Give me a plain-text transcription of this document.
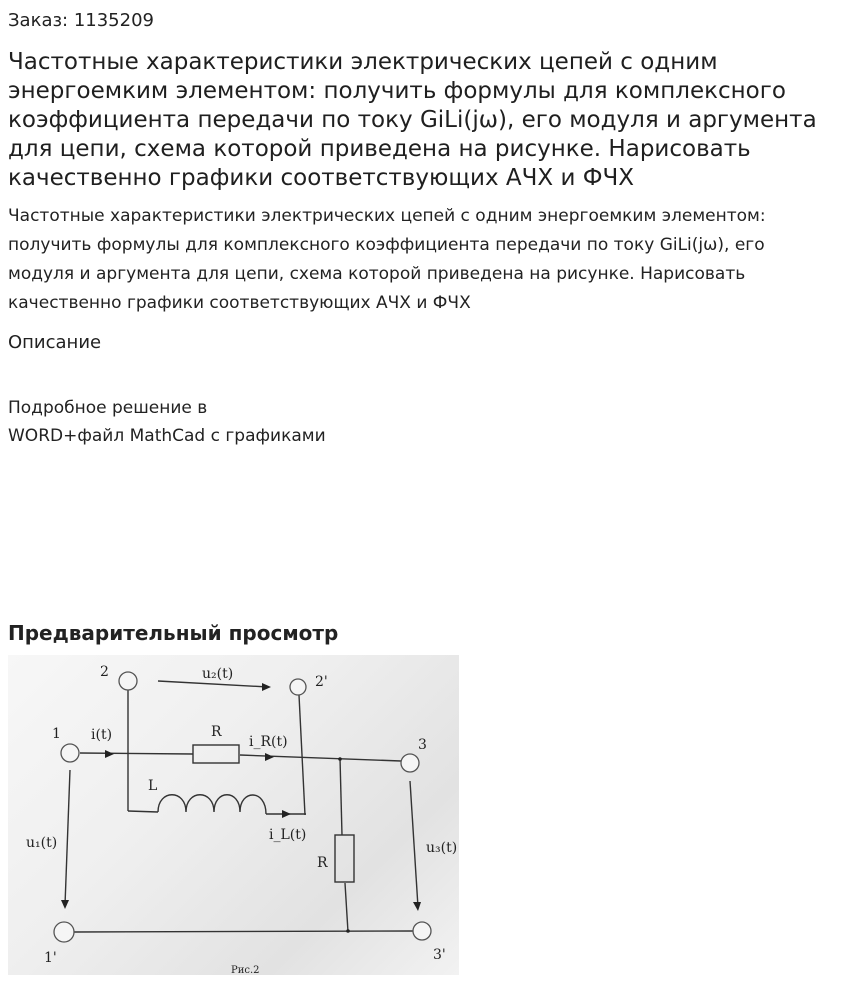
Заказ: 1135209
Частотные характеристики электрических цепей с одним энергоемким элементом: получить формулы для комплексного коэффициента передачи по току GiLi(jω), его модуля и аргумента для цепи, схема которой приведена на рисунке. Нарисовать качественно графики соответствующих АЧХ и ФЧХ
Частотные характеристики электрических цепей с одним энергоемким элементом: получить формулы для комплексного коэффициента передачи по току GiLi(jω), его модуля и аргумента для цепи, схема которой приведена на рисунке. Нарисовать качественно графики соответствующих АЧХ и ФЧХ
Описание
Подробное решение в
WORD+файл MathCad с графиками
Предварительный просмотр
2
2'
u₂(t)
1 i(t)	R
i_R(t)	3
L
i_L(t)
u₁(t)	u₃(t)
R
1'	3'
Рис.2
